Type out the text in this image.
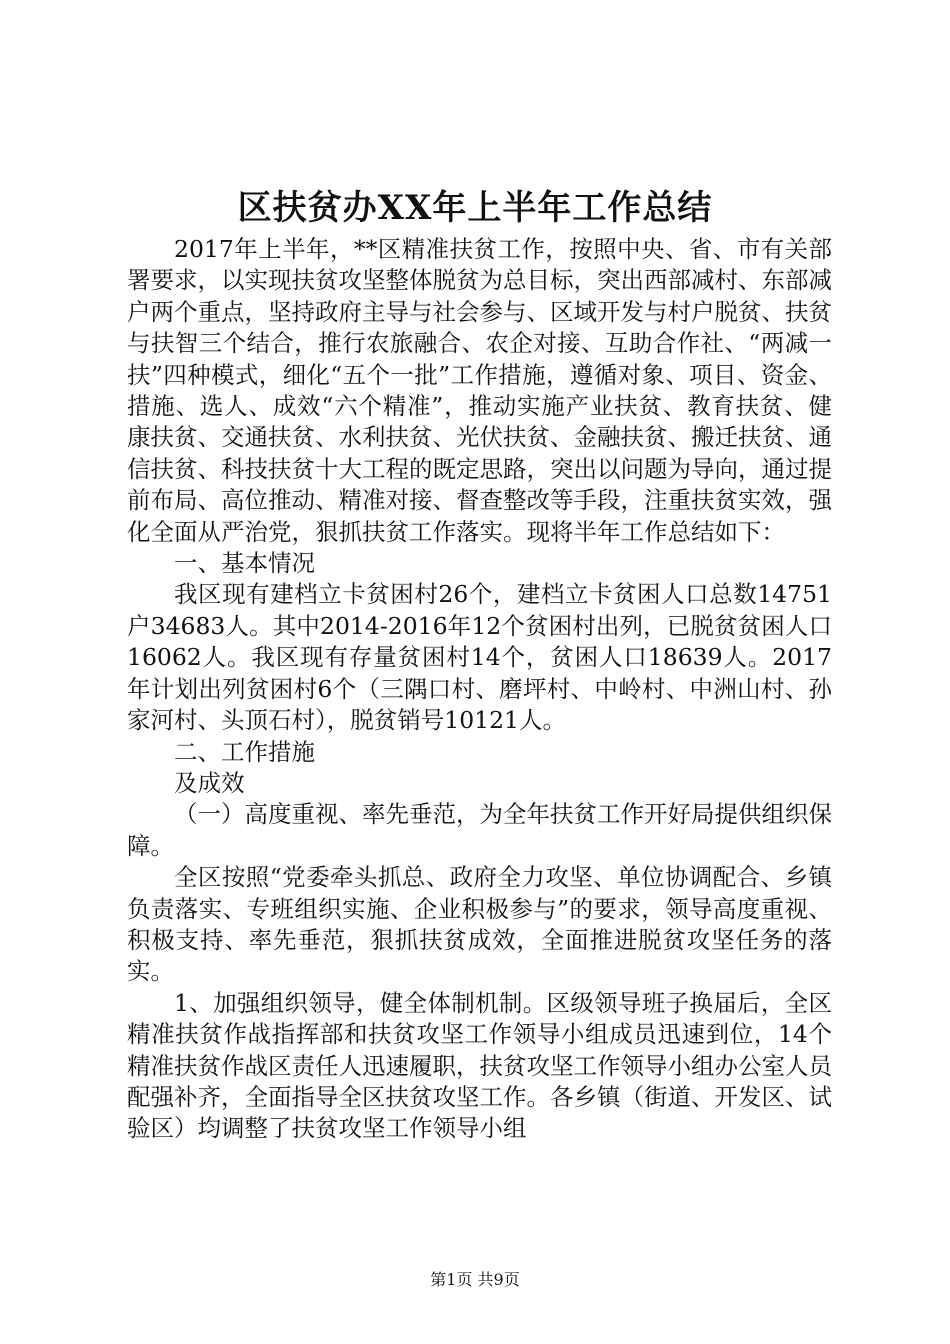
区扶贫办XX年上半年工作总结

2017年上半年，**区精准扶贫工作，按照中央、省、市有关部署要求，以实现扶贫攻坚整体脱贫为总目标，突出西部减村、东部减户两个重点，坚持政府主导与社会参与、区域开发与村户脱贫、扶贫与扶智三个结合，推行农旅融合、农企对接、互助合作社、“两减一扶”四种模式，细化“五个一批”工作措施，遵循对象、项目、资金、措施、选人、成效“六个精准”，推动实施产业扶贫、教育扶贫、健康扶贫、交通扶贫、水利扶贫、光伏扶贫、金融扶贫、搬迁扶贫、通信扶贫、科技扶贫十大工程的既定思路，突出以问题为导向，通过提前布局、高位推动、精准对接、督查整改等手段，注重扶贫实效，强化全面从严治党，狠抓扶贫工作落实。现将半年工作总结如下：

一、基本情况

我区现有建档立卡贫困村26个，建档立卡贫困人口总数14751户34683人。其中2014-2016年12个贫困村出列，已脱贫贫困人口16062人。我区现有存量贫困村14个，贫困人口18639人。2017年计划出列贫困村6个（三隅口村、磨坪村、中岭村、中洲山村、孙家河村、头顶石村），脱贫销号10121人。

二、工作措施

及成效

（一）高度重视、率先垂范，为全年扶贫工作开好局提供组织保障。

全区按照“党委牵头抓总、政府全力攻坚、单位协调配合、乡镇负责落实、专班组织实施、企业积极参与”的要求，领导高度重视、积极支持、率先垂范，狠抓扶贫成效，全面推进脱贫攻坚任务的落实。

1、加强组织领导，健全体制机制。区级领导班子换届后，全区精准扶贫作战指挥部和扶贫攻坚工作领导小组成员迅速到位，14个精准扶贫作战区责任人迅速履职，扶贫攻坚工作领导小组办公室人员配强补齐，全面指导全区扶贫攻坚工作。各乡镇（街道、开发区、试验区）均调整了扶贫攻坚工作领导小组

第1页 共9页
